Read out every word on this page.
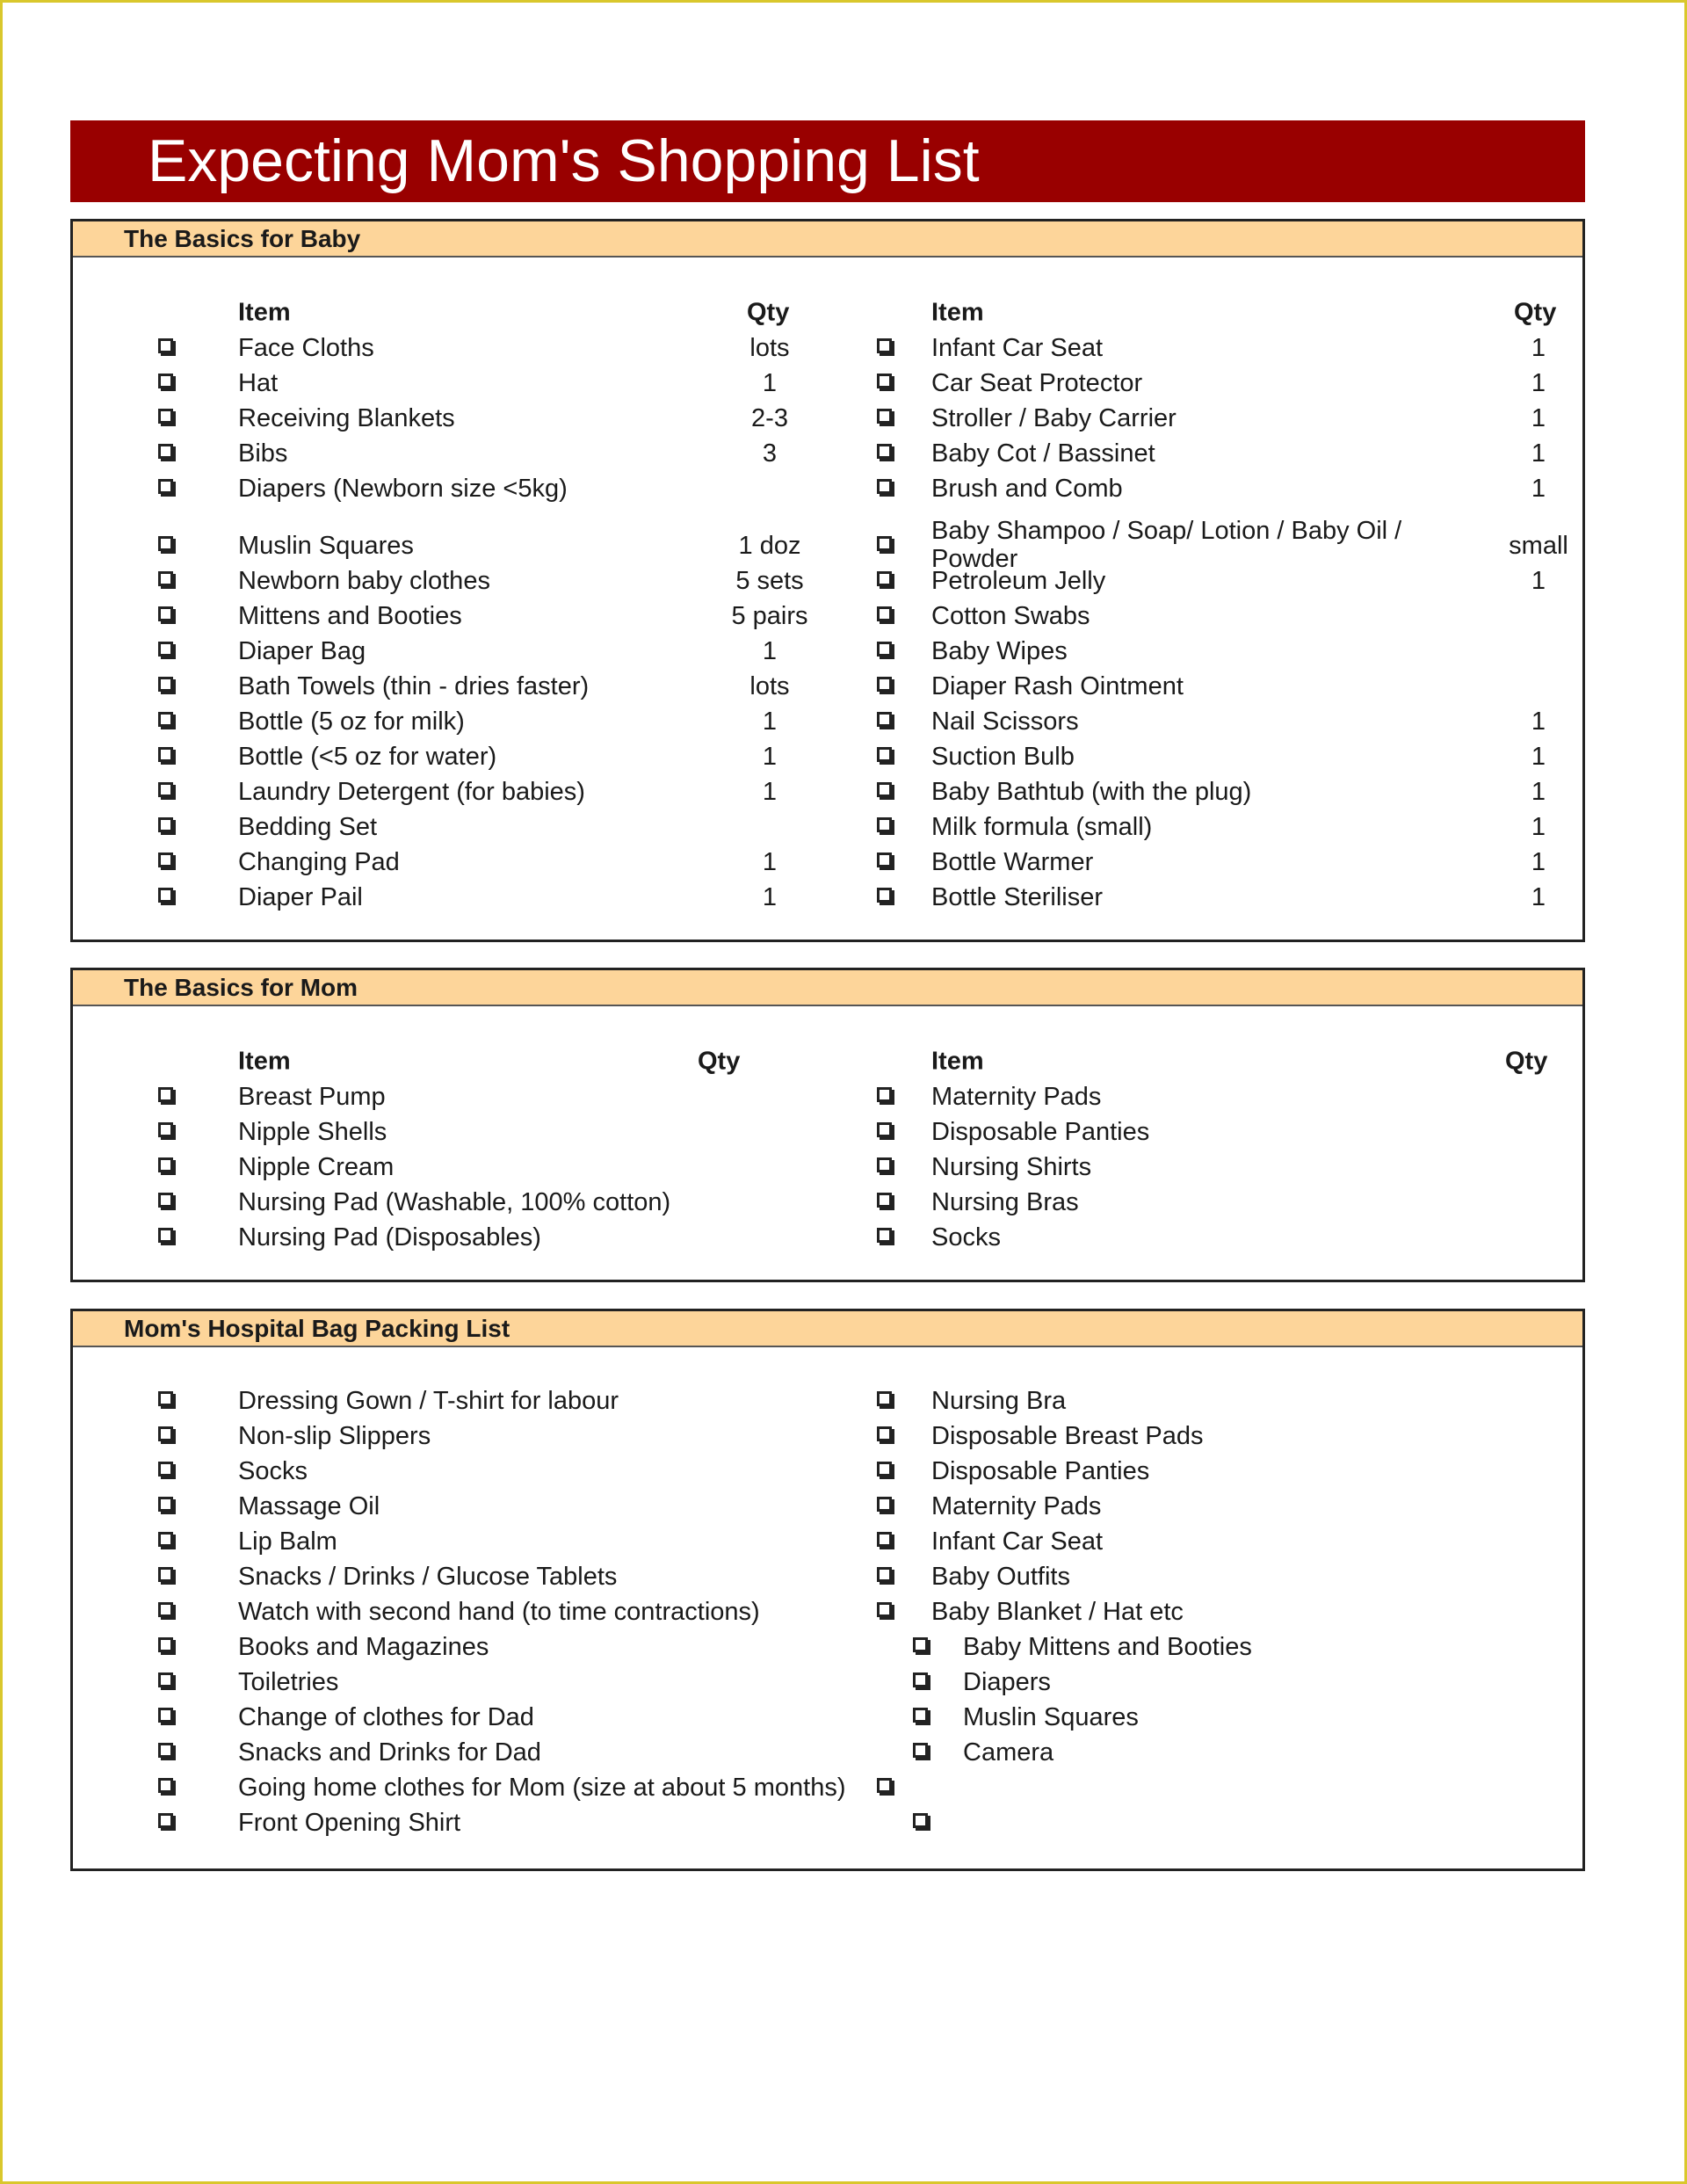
Expecting Mom's Shopping List
The Basics for Baby
Item	Qty	Item	Qty
Face Cloths	lots
Hat	1
Receiving Blankets	2-3
Bibs	3
Diapers (Newborn size <5kg)
Muslin Squares	1 doz
Newborn baby clothes	5 sets
Mittens and Booties	5 pairs
Diaper Bag	1
Bath Towels (thin - dries faster)	lots
Bottle (5 oz for milk)	1
Bottle (<5 oz for water)	1
Laundry Detergent (for babies)	1
Bedding Set
Changing Pad	1
Diaper Pail	1
Infant Car Seat	1
Car Seat Protector	1
Stroller / Baby Carrier	1
Baby Cot / Bassinet	1
Brush and Comb	1
Baby Shampoo / Soap/ Lotion / Baby Oil /
Powder	small
Petroleum Jelly	1
Cotton Swabs
Baby Wipes
Diaper Rash Ointment
Nail Scissors	1
Suction Bulb	1
Baby Bathtub (with the plug)	1
Milk formula (small)	1
Bottle Warmer	1
Bottle Steriliser	1
The Basics for Mom
Item	Qty	Item	Qty
Breast Pump
Nipple Shells
Nipple Cream
Nursing Pad (Washable, 100% cotton)
Nursing Pad (Disposables)
Maternity Pads
Disposable Panties
Nursing Shirts
Nursing Bras
Socks
Mom's Hospital Bag Packing List
Dressing Gown / T-shirt for labour
Non-slip Slippers
Socks
Massage Oil
Lip Balm
Snacks / Drinks / Glucose Tablets
Watch with second hand (to time contractions)
Books and Magazines
Toiletries
Change of clothes for Dad
Snacks and Drinks for Dad
Going home clothes for Mom (size at about 5 months)
Front Opening Shirt
Nursing Bra
Disposable Breast Pads
Disposable Panties
Maternity Pads
Infant Car Seat
Baby Outfits
Baby Blanket / Hat etc
Baby Mittens and Booties
Diapers
Muslin Squares
Camera
